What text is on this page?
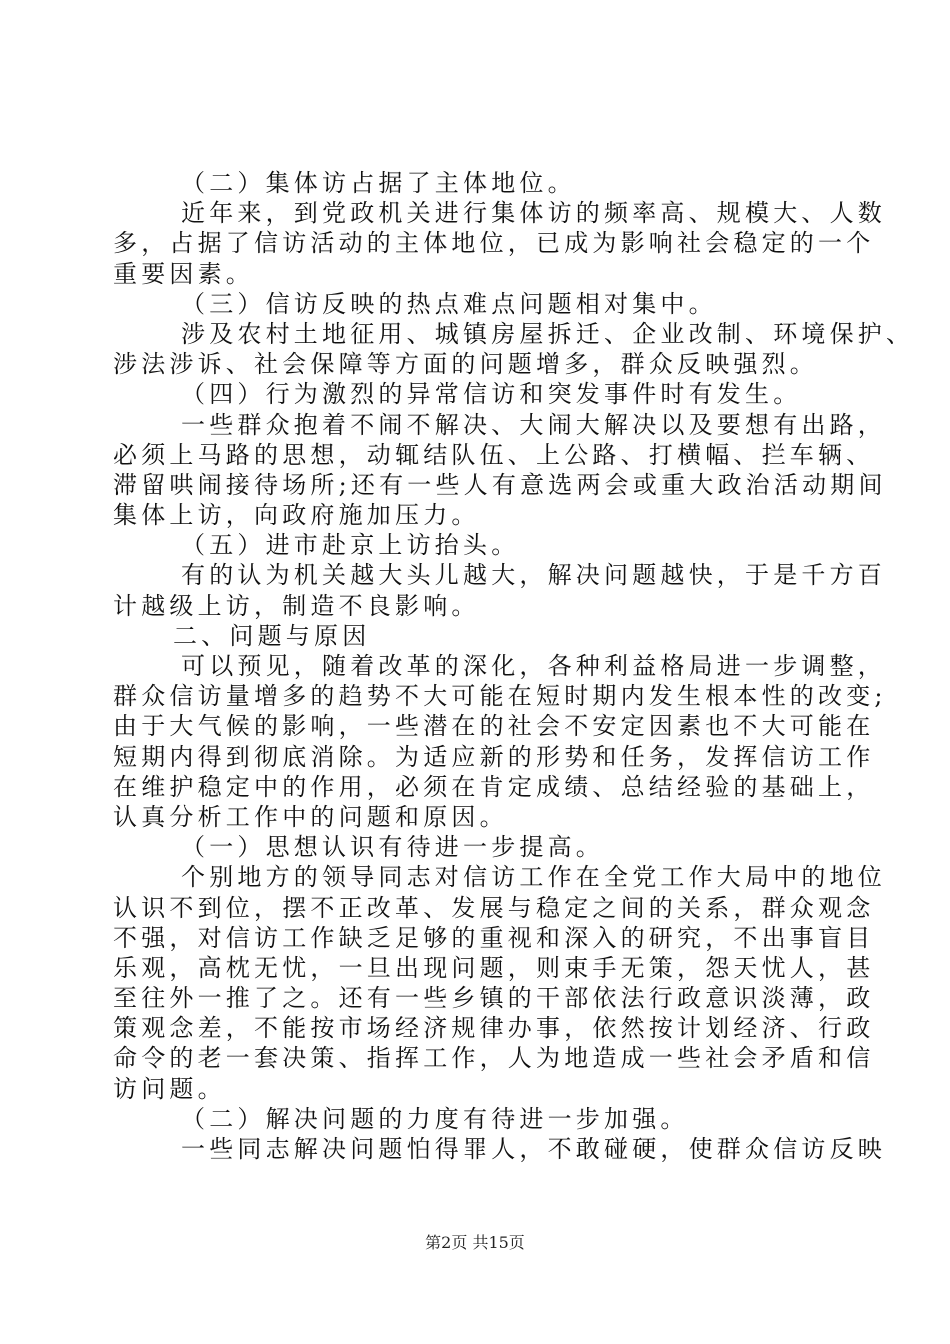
（二）集体访占据了主体地位。
近年来，到党政机关进行集体访的频率高、规模大、人数
多，占据了信访活动的主体地位，已成为影响社会稳定的一个
重要因素。
（三）信访反映的热点难点问题相对集中。
涉及农村土地征用、城镇房屋拆迁、企业改制、环境保护、
涉法涉诉、社会保障等方面的问题增多，群众反映强烈。
（四）行为激烈的异常信访和突发事件时有发生。
一些群众抱着不闹不解决、大闹大解决以及要想有出路，
必须上马路的思想，动辄结队伍、上公路、打横幅、拦车辆、
滞留哄闹接待场所;还有一些人有意选两会或重大政治活动期间
集体上访，向政府施加压力。
（五）进市赴京上访抬头。
有的认为机关越大头儿越大，解决问题越快，于是千方百
计越级上访，制造不良影响。
二、问题与原因
可以预见，随着改革的深化，各种利益格局进一步调整，
群众信访量增多的趋势不大可能在短时期内发生根本性的改变;
由于大气候的影响，一些潜在的社会不安定因素也不大可能在
短期内得到彻底消除。为适应新的形势和任务，发挥信访工作
在维护稳定中的作用，必须在肯定成绩、总结经验的基础上，
认真分析工作中的问题和原因。
（一）思想认识有待进一步提高。
个别地方的领导同志对信访工作在全党工作大局中的地位
认识不到位，摆不正改革、发展与稳定之间的关系，群众观念
不强，对信访工作缺乏足够的重视和深入的研究，不出事盲目
乐观，高枕无忧，一旦出现问题，则束手无策，怨天忧人，甚
至往外一推了之。还有一些乡镇的干部依法行政意识淡薄，政
策观念差，不能按市场经济规律办事，依然按计划经济、行政
命令的老一套决策、指挥工作，人为地造成一些社会矛盾和信
访问题。
（二）解决问题的力度有待进一步加强。
一些同志解决问题怕得罪人，不敢碰硬，使群众信访反映
第2页 共15页
